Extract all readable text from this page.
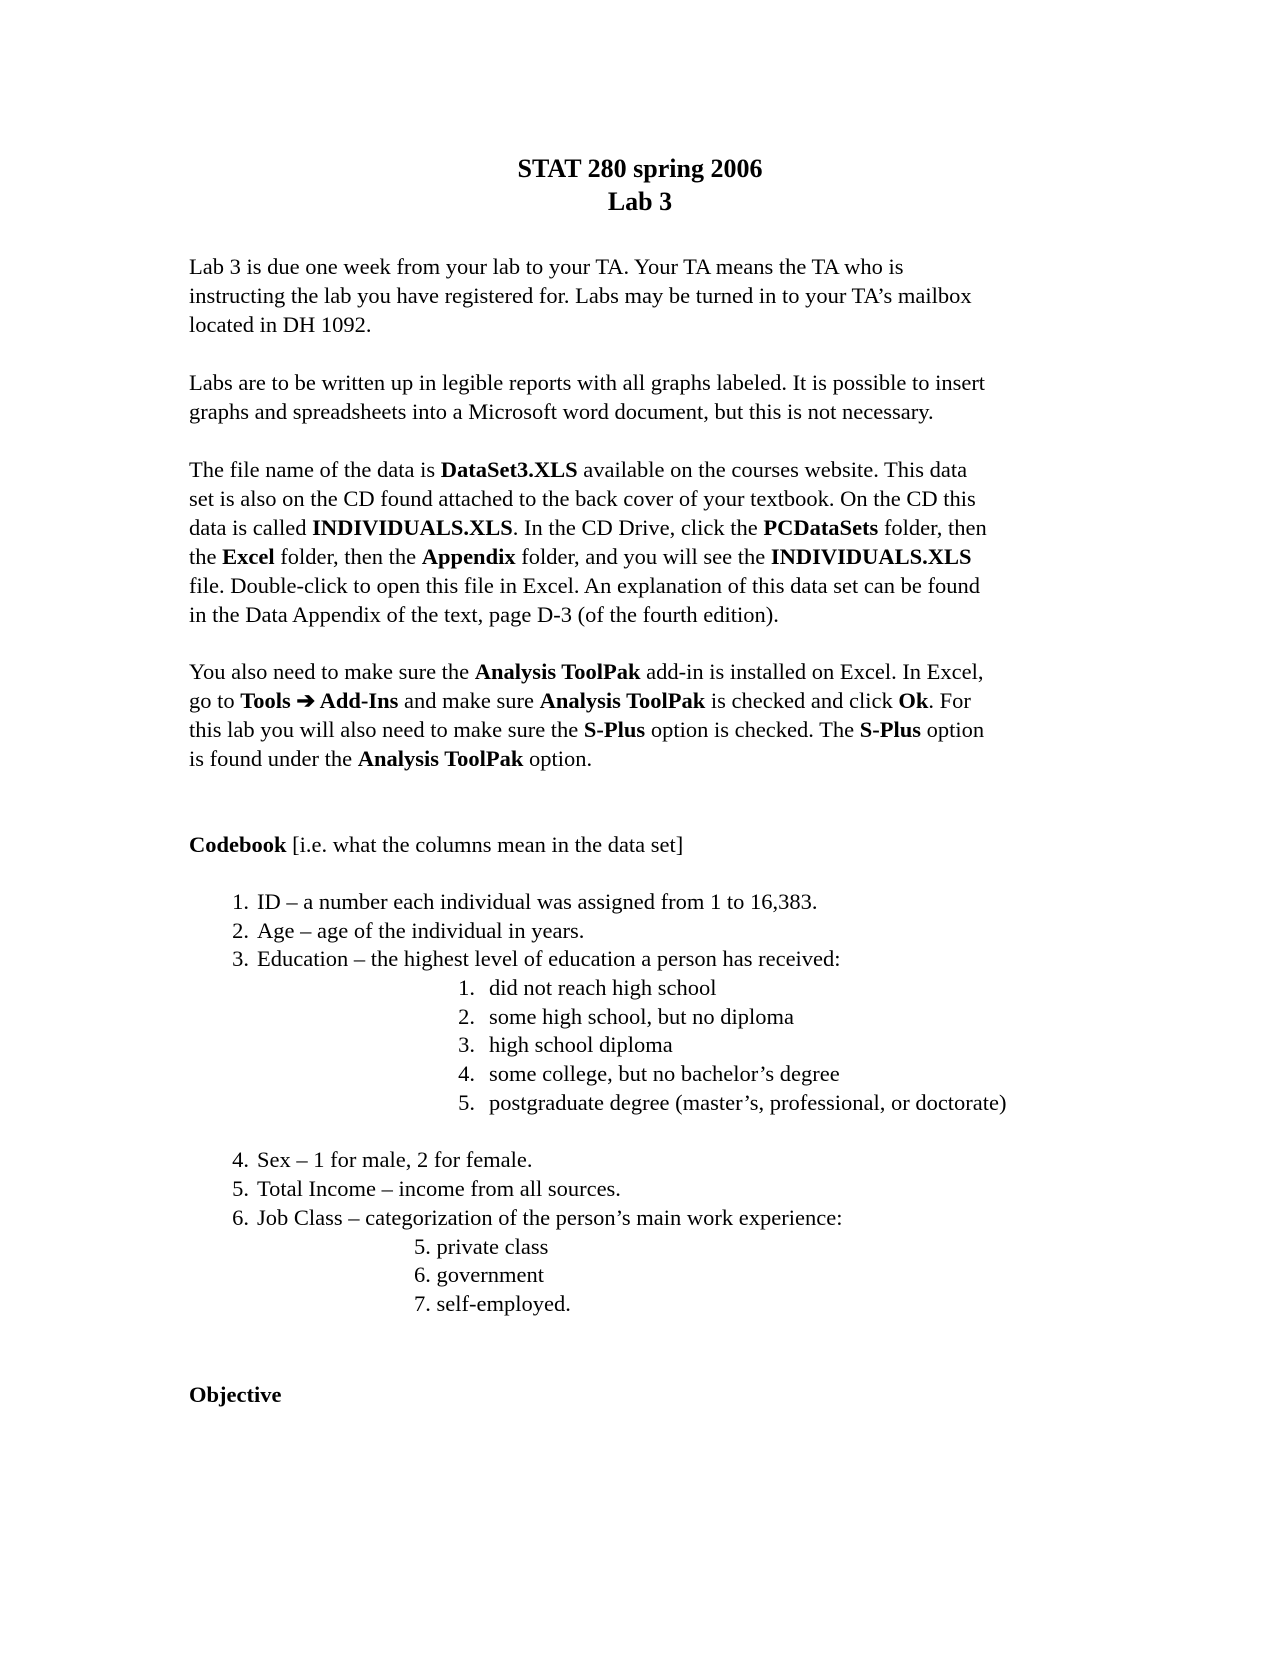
STAT 280 spring 2006
Lab 3
Lab 3 is due one week from your lab to your TA. Your TA means the TA who is
instructing the lab you have registered for. Labs may be turned in to your TA’s mailbox
located in DH 1092.
Labs are to be written up in legible reports with all graphs labeled. It is possible to insert
graphs and spreadsheets into a Microsoft word document, but this is not necessary.
The file name of the data is DataSet3.XLS available on the courses website. This data
set is also on the CD found attached to the back cover of your textbook. On the CD this
data is called INDIVIDUALS.XLS. In the CD Drive, click the PCDataSets folder, then
the Excel folder, then the Appendix folder, and you will see the INDIVIDUALS.XLS
file. Double-click to open this file in Excel. An explanation of this data set can be found
in the Data Appendix of the text, page D-3 (of the fourth edition).
You also need to make sure the Analysis ToolPak add-in is installed on Excel. In Excel,
go to Tools ➔ Add-Ins and make sure Analysis ToolPak is checked and click Ok. For
this lab you will also need to make sure the S-Plus option is checked. The S-Plus option
is found under the Analysis ToolPak option.
Codebook [i.e. what the columns mean in the data set]
1. ID – a number each individual was assigned from 1 to 16,383.
2. Age – age of the individual in years.
3. Education – the highest level of education a person has received:
1. did not reach high school
2. some high school, but no diploma
3. high school diploma
4. some college, but no bachelor’s degree
5. postgraduate degree (master’s, professional, or doctorate)
4. Sex – 1 for male, 2 for female.
5. Total Income – income from all sources.
6. Job Class – categorization of the person’s main work experience:
5. private class
6. government
7. self-employed.
Objective
